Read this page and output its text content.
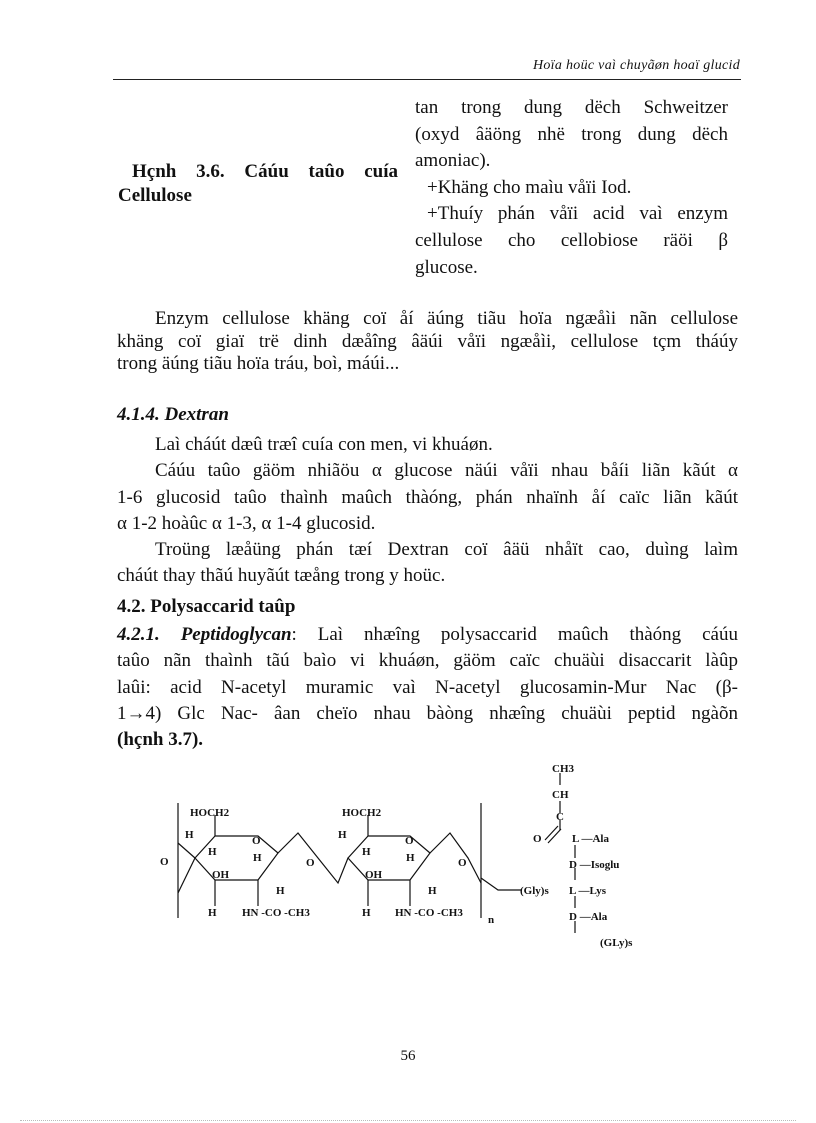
Hoïa hoüc vaì chuyãøn hoaï glucid
Hçnh 3.6. Cáúu taûo cuía
Cellulose
tan trong dung dëch Schweitzer
(oxyd âäöng nhë trong dung dëch
amoniac).
+Khäng cho maìu våïi Iod.
+Thuíy phán våïi acid vaì enzym
cellulose cho cellobiose räöi β
glucose.
Enzym cellulose khäng coï åí äúng tiãu hoïa ngæåìi nãn cellulose
khäng coï giaï trë dinh dæåîng âäúi våïi ngæåìi, cellulose tçm tháúy
trong äúng tiãu hoïa tráu, boì, máúi...
4.1.4. Dextran
Laì cháút dæû træî cuía con men, vi khuáøn.
Cáúu taûo gäöm nhiãöu α glucose näúi våïi nhau båíi liãn kãút α
1-6 glucosid taûo thaình maûch thàóng, phán nhaïnh åí caïc liãn kãút
α 1-2 hoàûc α 1-3, α 1-4 glucosid.
Troüng læåüng phán tæí Dextran coï âäü nhåït cao, duìng laìm
cháút thay thãú huyãút tæång trong y hoüc.
4.2. Polysaccarid taûp
4.2.1. Peptidoglycan: Laì nhæîng polysaccarid maûch thàóng cáúu
taûo nãn thaình tãú baìo vi khuáøn, gäöm caïc chuäùi disaccarit làûp
laûi: acid N-acetyl muramic vaì N-acetyl glucosamin-Mur Nac (β-
1→4) Glc Nac- âan cheïo nhau bàòng nhæîng chuäùi peptid ngàõn
(hçnh 3.7).
HOCH2
H	O
H	H
O
OH
H
O
H HN -CO -CH3
HOCH2
H	O
H	H	O
OH
H
H HN -CO -CH3
n
CH3
CH
C
O	L —Ala
D —Isoglu
(Gly)s L —Lys
D —Ala
(GLy)s
56
